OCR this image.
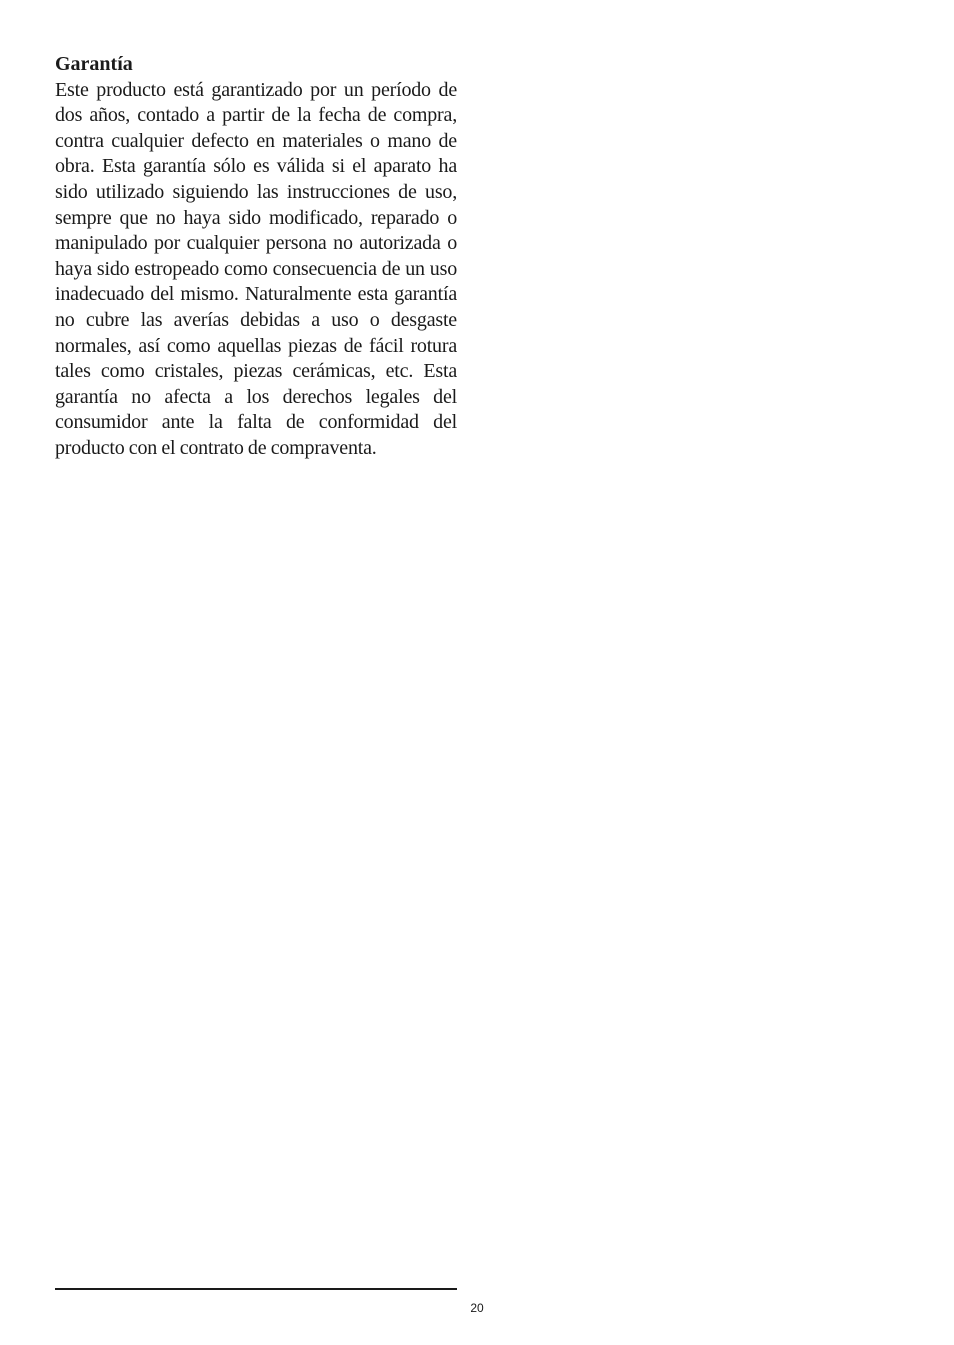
Garantía

Este producto está garantizado por un período de dos años, contado a partir de la fecha de compra, contra cualquier defecto en materiales o mano de obra. Esta garantía sólo es válida si el aparato ha sido utilizado siguiendo las instrucciones de uso, sempre que no haya sido modificado, reparado o manipulado por cualquier persona no autorizada o haya sido estropeado como consecuencia de un uso inadecuado del mismo. Naturalmente esta garantía no cubre las averías debidas a uso o desgaste normales, así como aquellas piezas de fácil rotura tales como cristales, piezas cerámicas, etc. Esta garantía no afecta a los derechos legales del consumidor ante la falta de conformidad del producto con el contrato de compraventa.

20
